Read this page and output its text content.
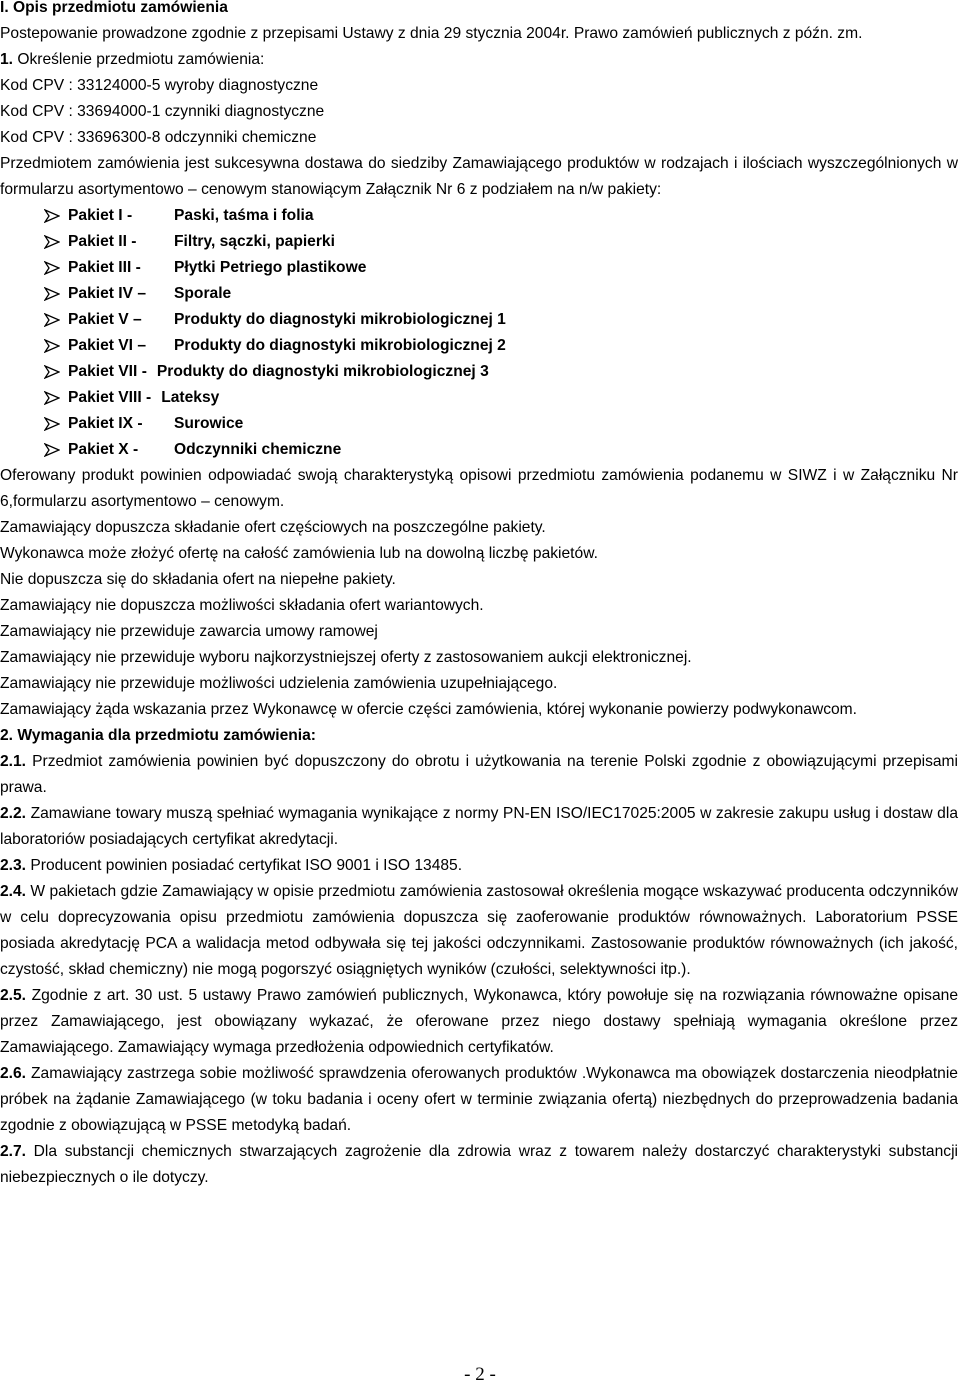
I. Opis przedmiotu zamówienia

Postepowanie prowadzone zgodnie z przepisami Ustawy z dnia 29 stycznia 2004r. Prawo zamówień publicznych z późn. zm.

1. Określenie przedmiotu zamówienia:

Kod CPV : 33124000-5 wyroby diagnostyczne

Kod CPV : 33694000-1 czynniki diagnostyczne

Kod CPV : 33696300-8 odczynniki chemiczne

Przedmiotem zamówienia jest sukcesywna dostawa do siedziby Zamawiającego produktów w rodzajach i ilościach wyszczególnionych w formularzu asortymentowo – cenowym stanowiącym Załącznik Nr 6 z podziałem na n/w pakiety:

Pakiet I -	Paski, taśma i folia
Pakiet II -	Filtry, sączki, papierki
Pakiet III -	Płytki Petriego plastikowe
Pakiet IV –	Sporale
Pakiet V –	Produkty do diagnostyki mikrobiologicznej 1
Pakiet VI –	Produkty do diagnostyki mikrobiologicznej 2
Pakiet VII - Produkty do diagnostyki mikrobiologicznej 3
Pakiet VIII - Lateksy
Pakiet IX -	Surowice
Pakiet X -	Odczynniki chemiczne

Oferowany produkt powinien odpowiadać swoją charakterystyką opisowi przedmiotu zamówienia podanemu w SIWZ i w Załączniku Nr 6,formularzu asortymentowo – cenowym.

Zamawiający dopuszcza składanie ofert częściowych na poszczególne pakiety.

Wykonawca może złożyć ofertę na całość zamówienia lub na dowolną liczbę pakietów.

Nie dopuszcza się do składania ofert na niepełne pakiety.

Zamawiający nie dopuszcza możliwości składania ofert wariantowych.

Zamawiający nie przewiduje zawarcia umowy ramowej

Zamawiający nie przewiduje wyboru najkorzystniejszej oferty z zastosowaniem aukcji elektronicznej.

Zamawiający nie przewiduje możliwości udzielenia zamówienia uzupełniającego.

Zamawiający żąda wskazania przez Wykonawcę w ofercie części zamówienia, której wykonanie powierzy podwykonawcom.

2. Wymagania dla przedmiotu zamówienia:

2.1. Przedmiot zamówienia powinien być dopuszczony do obrotu i użytkowania na terenie Polski zgodnie z obowiązującymi przepisami prawa.

2.2. Zamawiane towary muszą spełniać wymagania wynikające z normy PN-EN ISO/IEC17025:2005 w zakresie zakupu usług i dostaw dla laboratoriów posiadających certyfikat akredytacji.

2.3. Producent powinien posiadać certyfikat ISO 9001 i ISO 13485.

2.4. W pakietach gdzie Zamawiający w opisie przedmiotu zamówienia zastosował określenia mogące wskazywać producenta odczynników w celu doprecyzowania opisu przedmiotu zamówienia dopuszcza się zaoferowanie produktów równoważnych. Laboratorium PSSE posiada akredytację PCA a walidacja metod odbywała się tej jakości odczynnikami. Zastosowanie produktów równoważnych (ich jakość, czystość, skład chemiczny) nie mogą pogorszyć osiągniętych wyników (czułości, selektywności itp.).

2.5. Zgodnie z art. 30 ust. 5 ustawy Prawo zamówień publicznych, Wykonawca, który powołuje się na rozwiązania równoważne opisane przez Zamawiającego, jest obowiązany wykazać, że oferowane przez niego dostawy spełniają wymagania określone przez Zamawiającego. Zamawiający wymaga przedłożenia odpowiednich certyfikatów.

2.6. Zamawiający zastrzega sobie możliwość sprawdzenia oferowanych produktów .Wykonawca ma obowiązek dostarczenia nieodpłatnie próbek na żądanie Zamawiającego (w toku badania i oceny ofert w terminie związania ofertą) niezbędnych do przeprowadzenia badania zgodnie z obowiązującą w PSSE metodyką badań.

2.7. Dla substancji chemicznych stwarzających zagrożenie dla zdrowia wraz z towarem należy dostarczyć charakterystyki substancji niebezpiecznych o ile dotyczy.

- 2 -
